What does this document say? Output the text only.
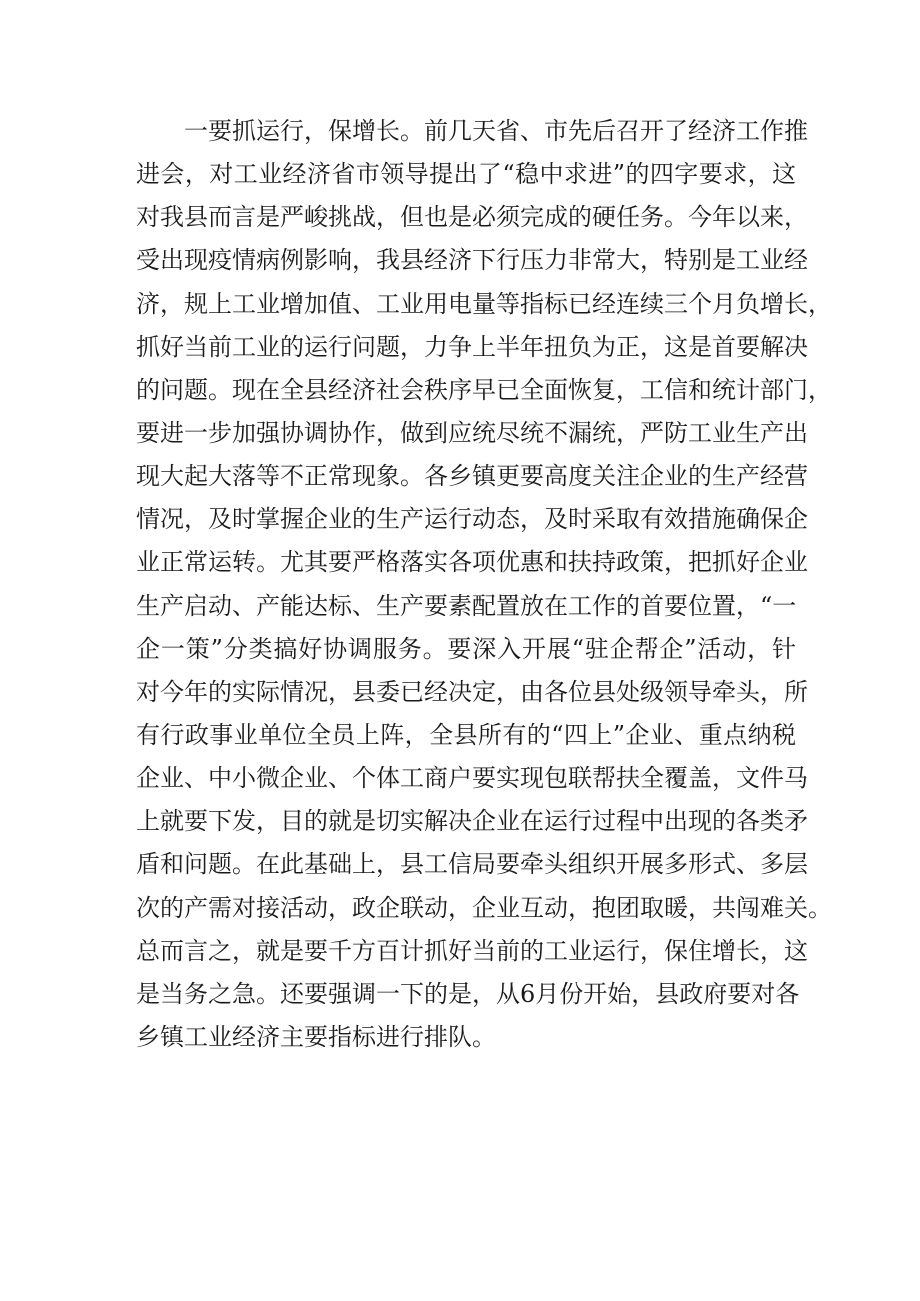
一要抓运行，保增长。前几天省、市先后召开了经济工作推
进会，对工业经济省市领导提出了“稳中求进”的四字要求，这
对我县而言是严峻挑战，但也是必须完成的硬任务。今年以来，
受出现疫情病例影响，我县经济下行压力非常大，特别是工业经
济，规上工业增加值、工业用电量等指标已经连续三个月负增长，
抓好当前工业的运行问题，力争上半年扭负为正，这是首要解决
的问题。现在全县经济社会秩序早已全面恢复，工信和统计部门，
要进一步加强协调协作，做到应统尽统不漏统，严防工业生产出
现大起大落等不正常现象。各乡镇更要高度关注企业的生产经营
情况，及时掌握企业的生产运行动态，及时采取有效措施确保企
业正常运转。尤其要严格落实各项优惠和扶持政策，把抓好企业
生产启动、产能达标、生产要素配置放在工作的首要位置，“一
企一策”分类搞好协调服务。要深入开展“驻企帮企”活动，针
对今年的实际情况，县委已经决定，由各位县处级领导牵头，所
有行政事业单位全员上阵，全县所有的“四上”企业、重点纳税
企业、中小微企业、个体工商户要实现包联帮扶全覆盖，文件马
上就要下发，目的就是切实解决企业在运行过程中出现的各类矛
盾和问题。在此基础上，县工信局要牵头组织开展多形式、多层
次的产需对接活动，政企联动，企业互动，抱团取暖，共闯难关。
总而言之，就是要千方百计抓好当前的工业运行，保住增长，这
是当务之急。还要强调一下的是，从6月份开始，县政府要对各
乡镇工业经济主要指标进行排队。
